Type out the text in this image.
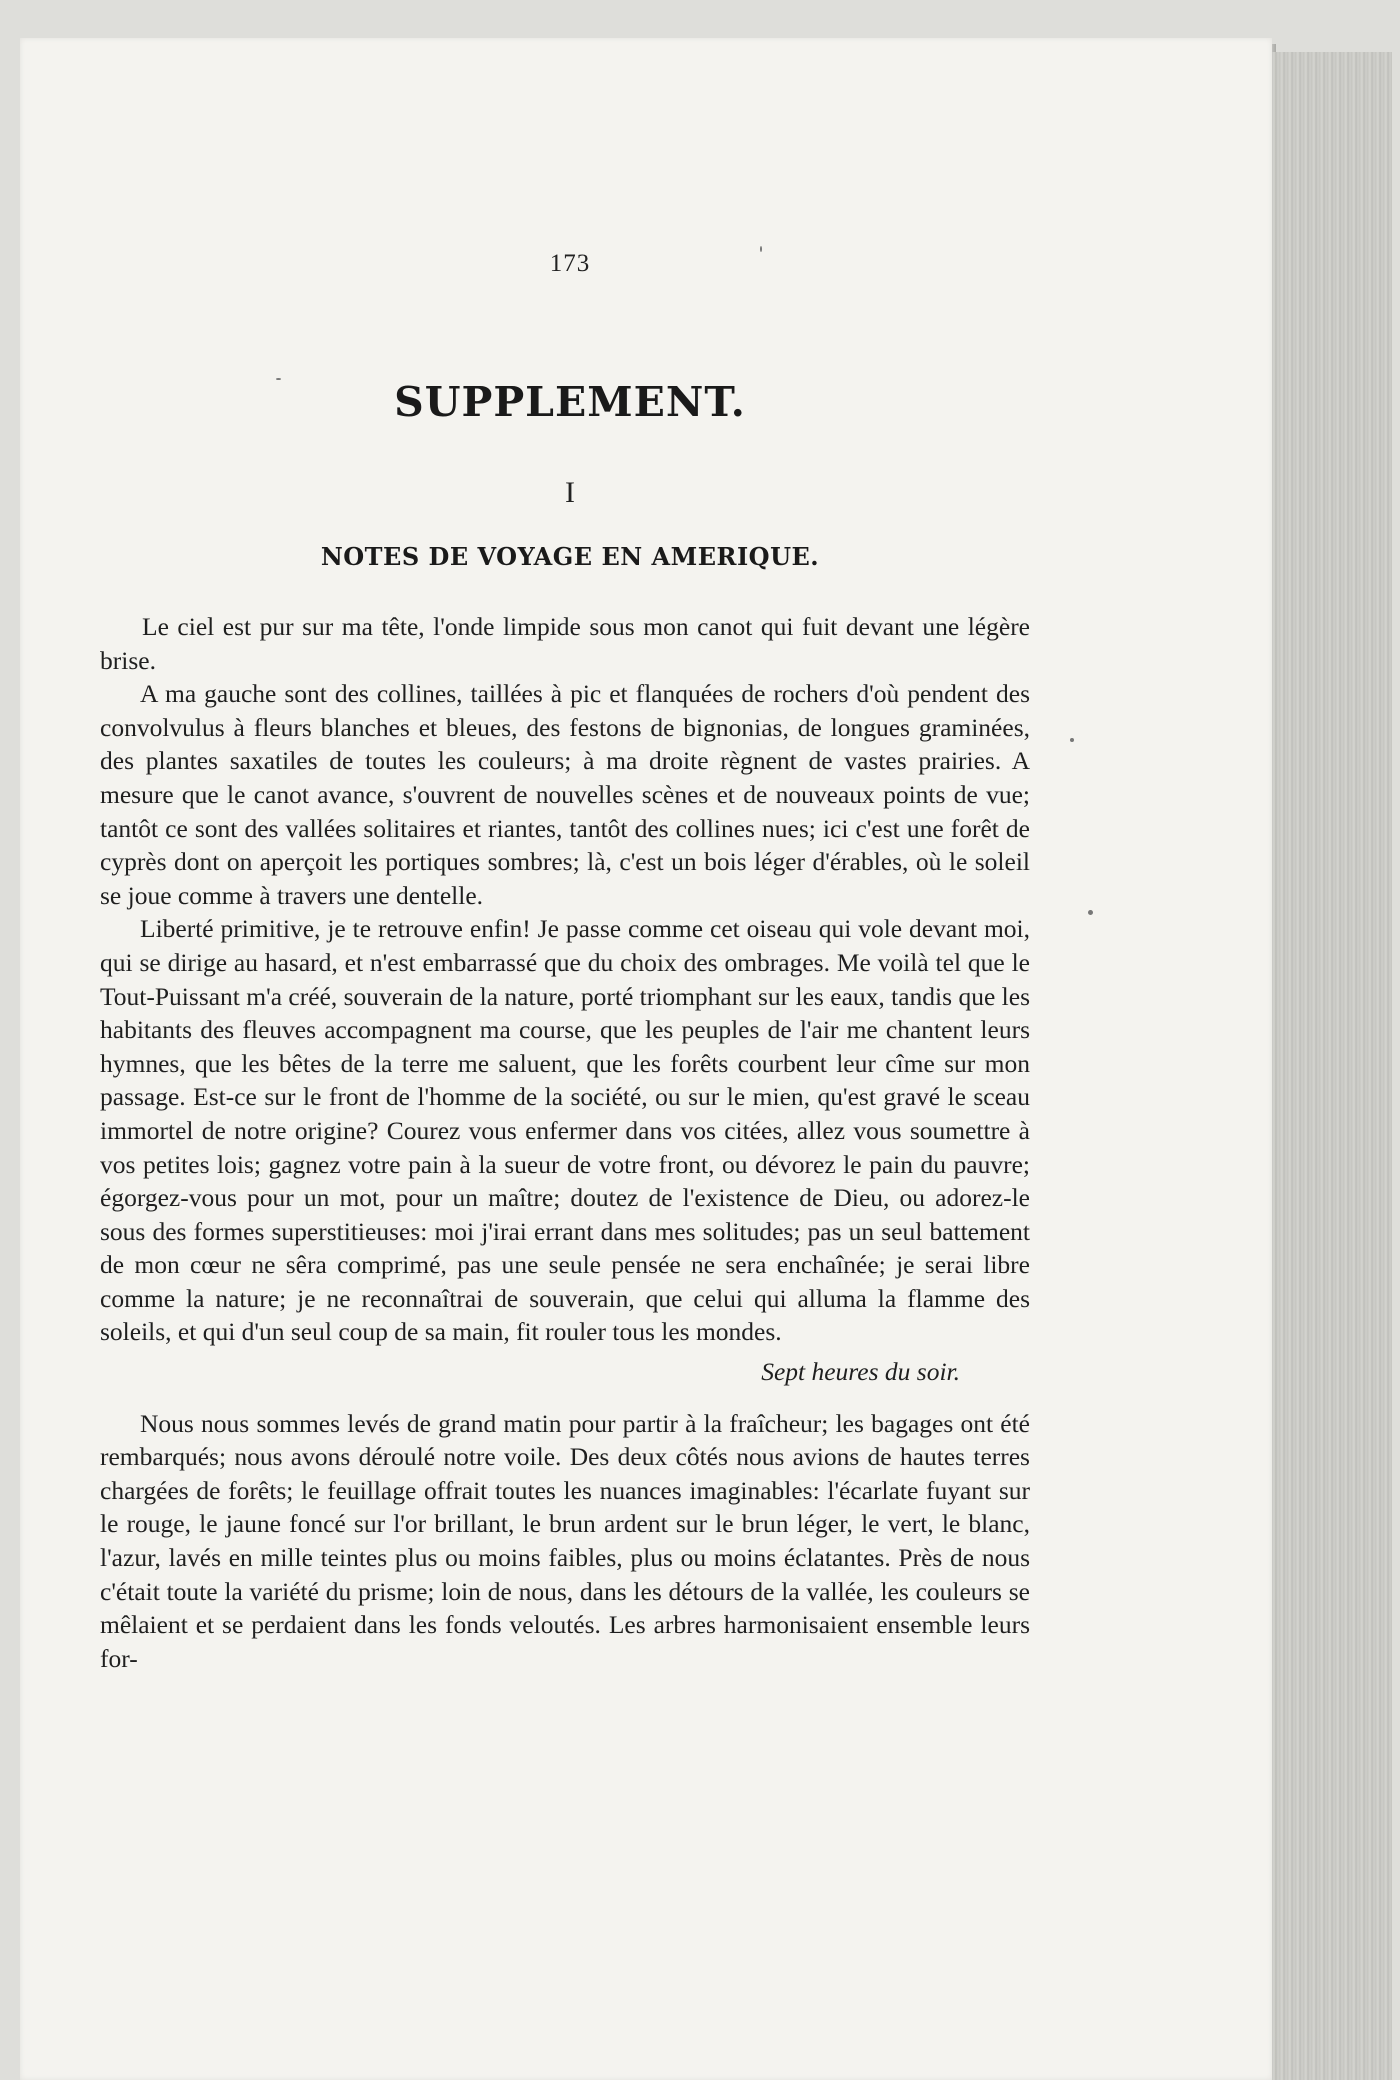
173
SUPPLEMENT.
I
NOTES DE VOYAGE EN AMERIQUE.

Le ciel est pur sur ma tête, l'onde limpide sous mon canot qui fuit devant une légère brise.

A ma gauche sont des collines, taillées à pic et flanquées de rochers d'où pendent des convolvulus à fleurs blanches et bleues, des festons de bignonias, de longues graminées, des plantes saxatiles de toutes les couleurs; à ma droite règnent de vastes prairies. A mesure que le canot avance, s'ouvrent de nouvelles scènes et de nouveaux points de vue; tantôt ce sont des vallées solitaires et riantes, tantôt des collines nues; ici c'est une forêt de cyprès dont on aperçoit les portiques sombres; là, c'est un bois léger d'érables, où le soleil se joue comme à travers une dentelle.

Liberté primitive, je te retrouve enfin! Je passe comme cet oiseau qui vole devant moi, qui se dirige au hasard, et n'est embarrassé que du choix des ombrages. Me voilà tel que le Tout-Puissant m'a créé, souverain de la nature, porté triomphant sur les eaux, tandis que les habitants des fleuves accompagnent ma course, que les peuples de l'air me chantent leurs hymnes, que les bêtes de la terre me saluent, que les forêts courbent leur cîme sur mon passage. Est-ce sur le front de l'homme de la société, ou sur le mien, qu'est gravé le sceau immortel de notre origine? Courez vous enfermer dans vos citées, allez vous soumettre à vos petites lois; gagnez votre pain à la sueur de votre front, ou dévorez le pain du pauvre; égorgez-vous pour un mot, pour un maître; doutez de l'existence de Dieu, ou adorez-le sous des formes superstitieuses: moi j'irai errant dans mes solitudes; pas un seul battement de mon cœur ne sêra comprimé, pas une seule pensée ne sera enchaînée; je serai libre comme la nature; je ne reconnaîtrai de souverain, que celui qui alluma la flamme des soleils, et qui d'un seul coup de sa main, fit rouler tous les mondes.

Sept heures du soir.

Nous nous sommes levés de grand matin pour partir à la fraîcheur; les bagages ont été rembarqués; nous avons déroulé notre voile. Des deux côtés nous avions de hautes terres chargées de forêts; le feuillage offrait toutes les nuances imaginables: l'écarlate fuyant sur le rouge, le jaune foncé sur l'or brillant, le brun ardent sur le brun léger, le vert, le blanc, l'azur, lavés en mille teintes plus ou moins faibles, plus ou moins éclatantes. Près de nous c'était toute la variété du prisme; loin de nous, dans les détours de la vallée, les couleurs se mêlaient et se perdaient dans les fonds veloutés. Les arbres harmonisaient ensemble leurs for-
